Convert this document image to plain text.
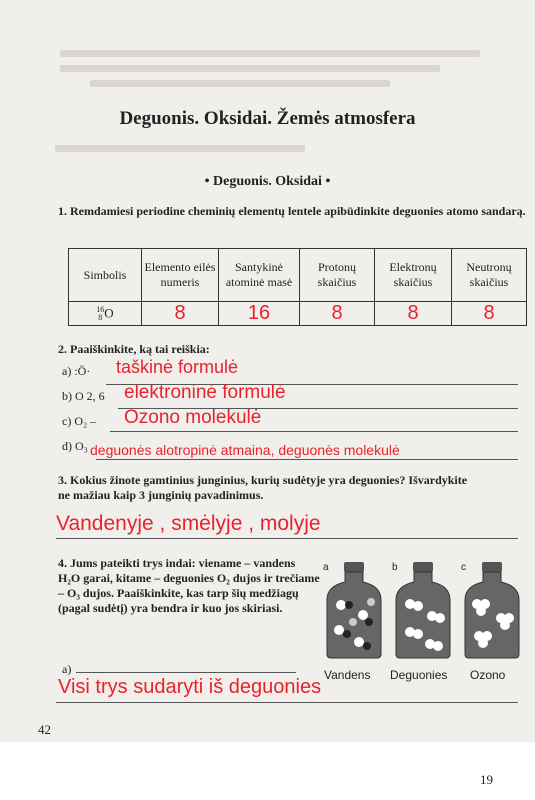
Deguonis. Oksidai. Žemės atmosfera
• Deguonis. Oksidai •
1. Remdamiesi periodine cheminių elementų lentele apibūdinkite deguonies atomo sandarą.
Simbolis	Elemento eilės numeris	Santykinė atominė masė	Protonų skaičius	Elektronų skaičius	Neutronų skaičius

16
8 O	8	16	8	8	8
2. Paaiškinkite, ką tai reiškia:
a) :Ö· taškinė formulė
b) O 2, 6 elektroninė formulė
c) O₂ – Ozono molekulė
d) O₃ deguonės alotropinė atmaina, deguonės molekulė
3. Kokius žinote gamtinius junginius, kurių sudėtyje yra deguonies? Išvardykite ne mažiau kaip 3 junginių pavadinimus.
Vandenyje , smėlyje , molyje
4. Jums pateikti trys indai: viename – vandens H₂O garai, kitame – deguonies O₂ dujos ir trečiame – O₃ dujos. Paaiškinkite, kas tarp šių medžiagų (pagal sudėtį) yra bendra ir kuo jos skiriasi.
a	b	c
Vandens Deguonies Ozono
a)
Visi trys sudaryti iš deguonies
42
19
